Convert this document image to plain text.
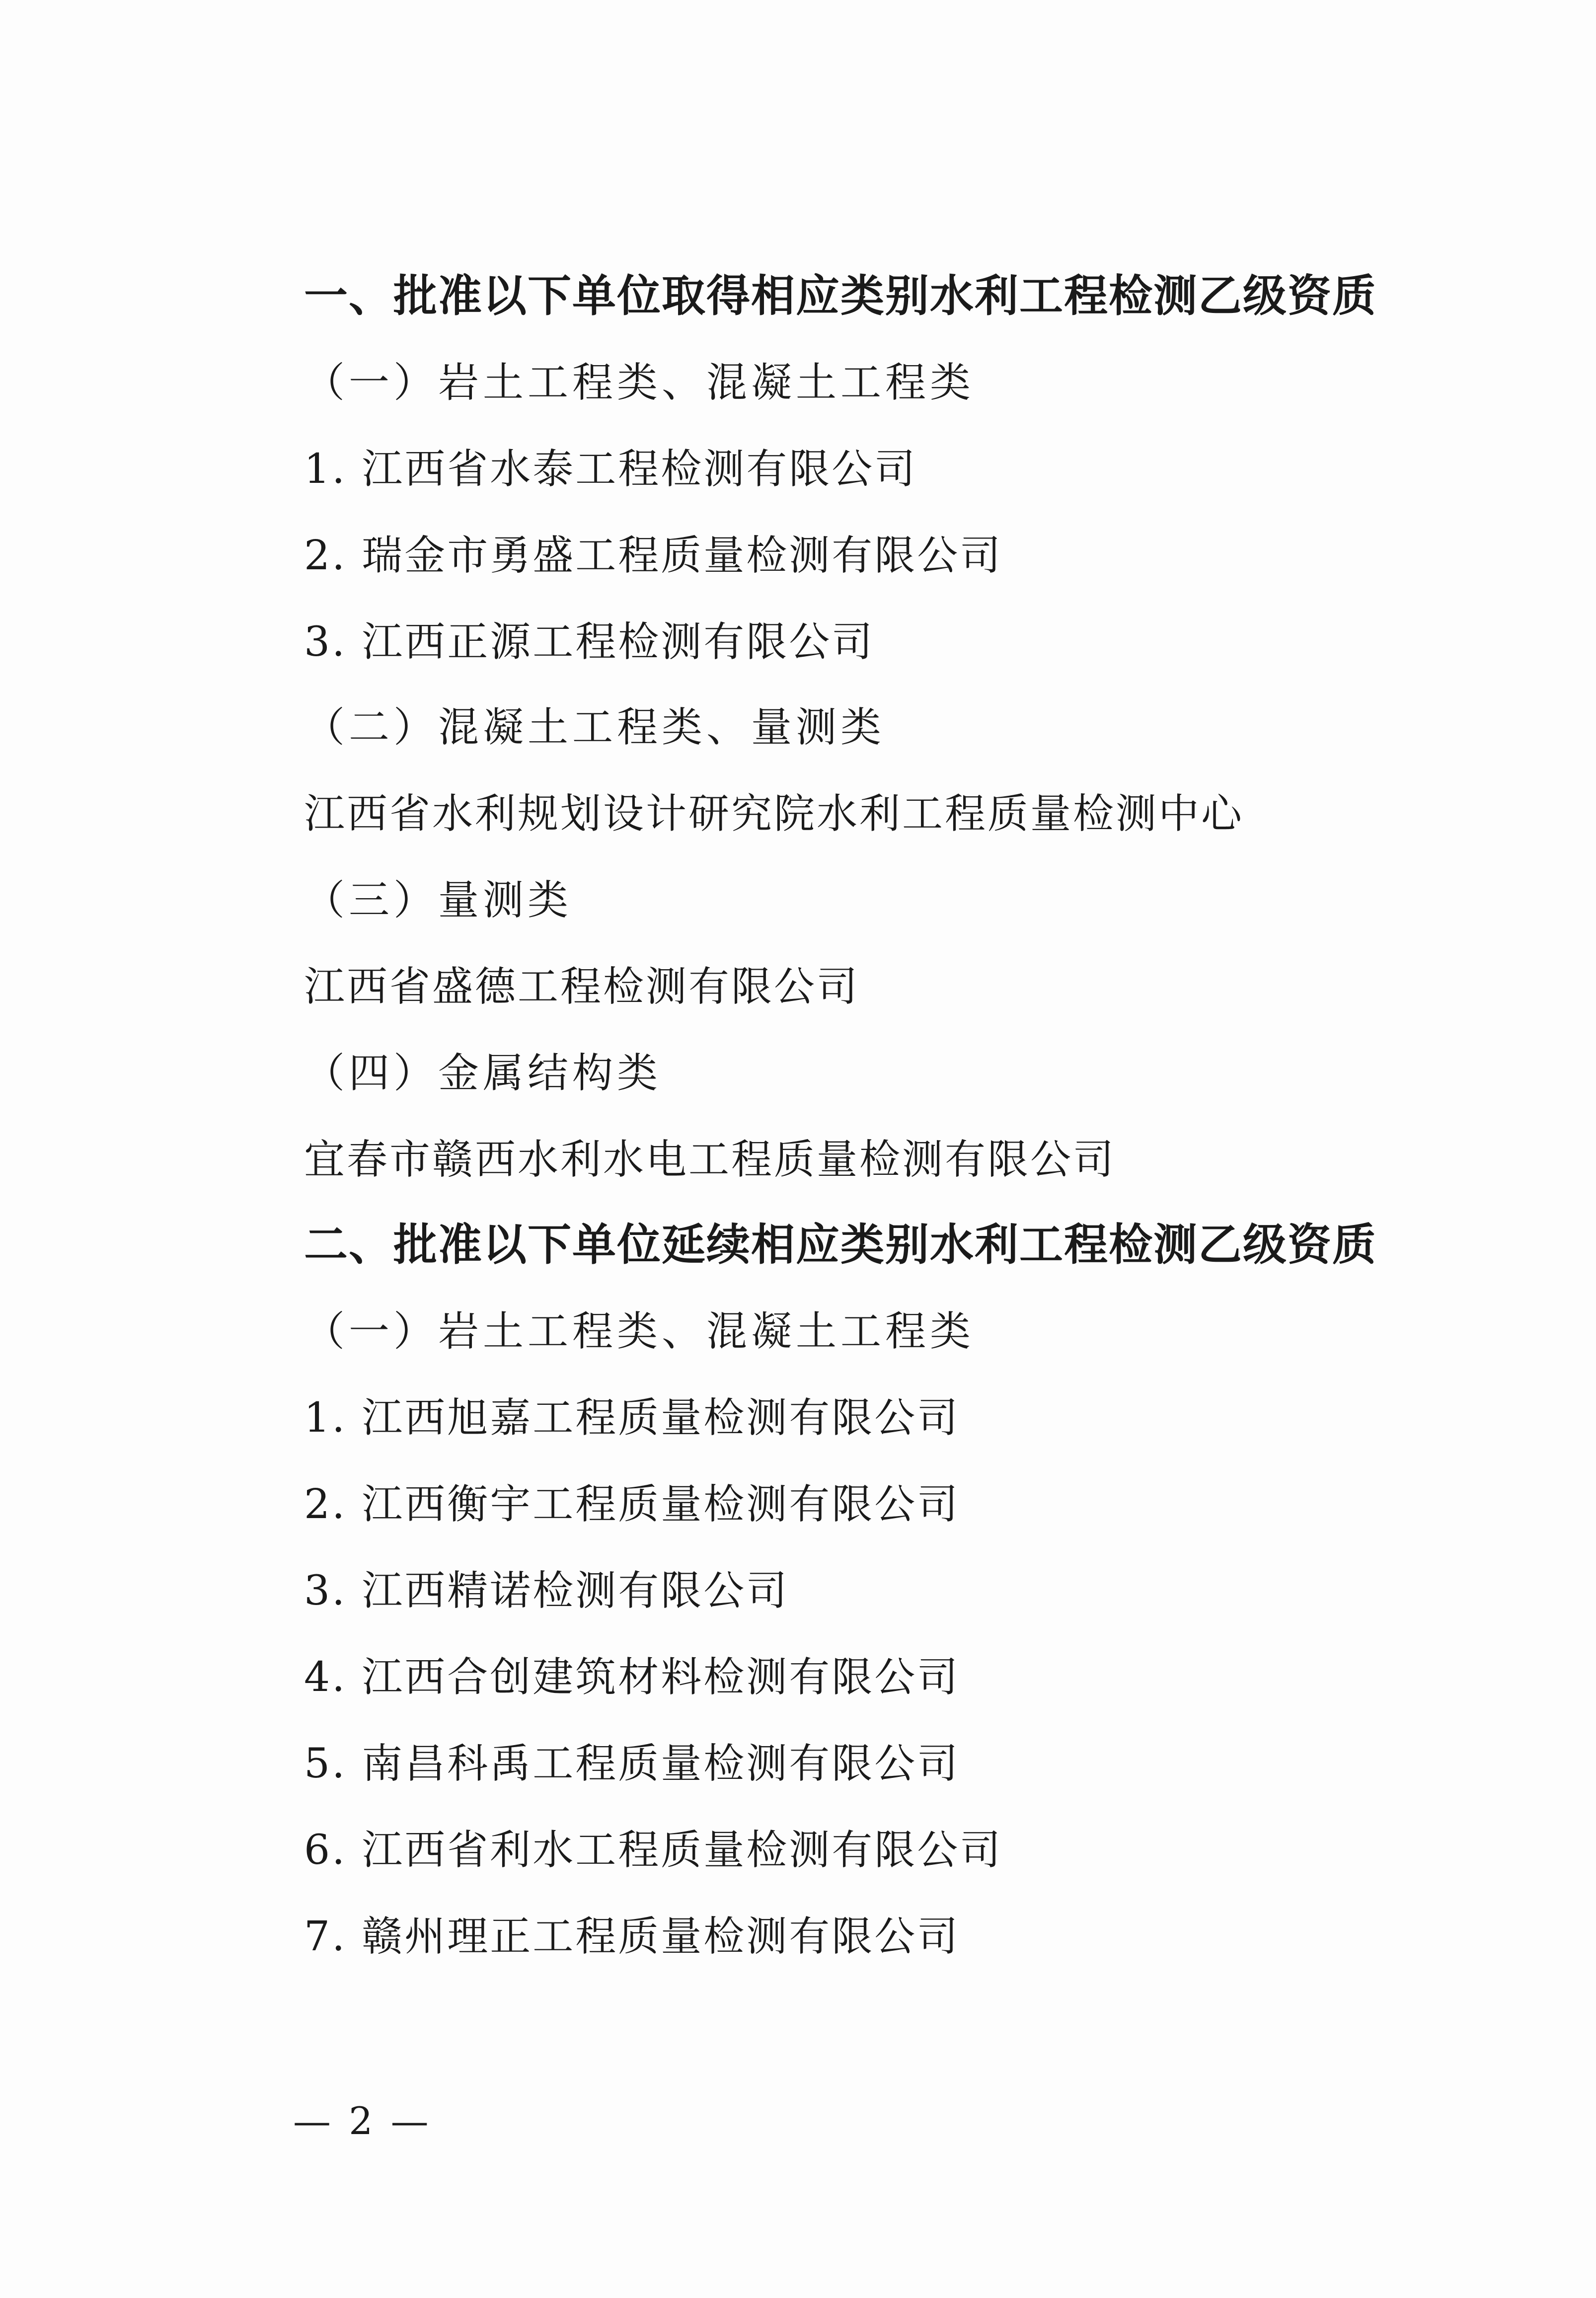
一、批准以下单位取得相应类别水利工程检测乙级资质
（一）岩土工程类、混凝土工程类
1. 江西省水泰工程检测有限公司
2. 瑞金市勇盛工程质量检测有限公司
3. 江西正源工程检测有限公司
（二）混凝土工程类、量测类
江西省水利规划设计研究院水利工程质量检测中心
（三）量测类
江西省盛德工程检测有限公司
（四）金属结构类
宜春市赣西水利水电工程质量检测有限公司
二、批准以下单位延续相应类别水利工程检测乙级资质
（一）岩土工程类、混凝土工程类
1. 江西旭嘉工程质量检测有限公司
2. 江西衡宇工程质量检测有限公司
3. 江西精诺检测有限公司
4. 江西合创建筑材料检测有限公司
5. 南昌科禹工程质量检测有限公司
6. 江西省利水工程质量检测有限公司
7. 赣州理正工程质量检测有限公司
— 2 —
